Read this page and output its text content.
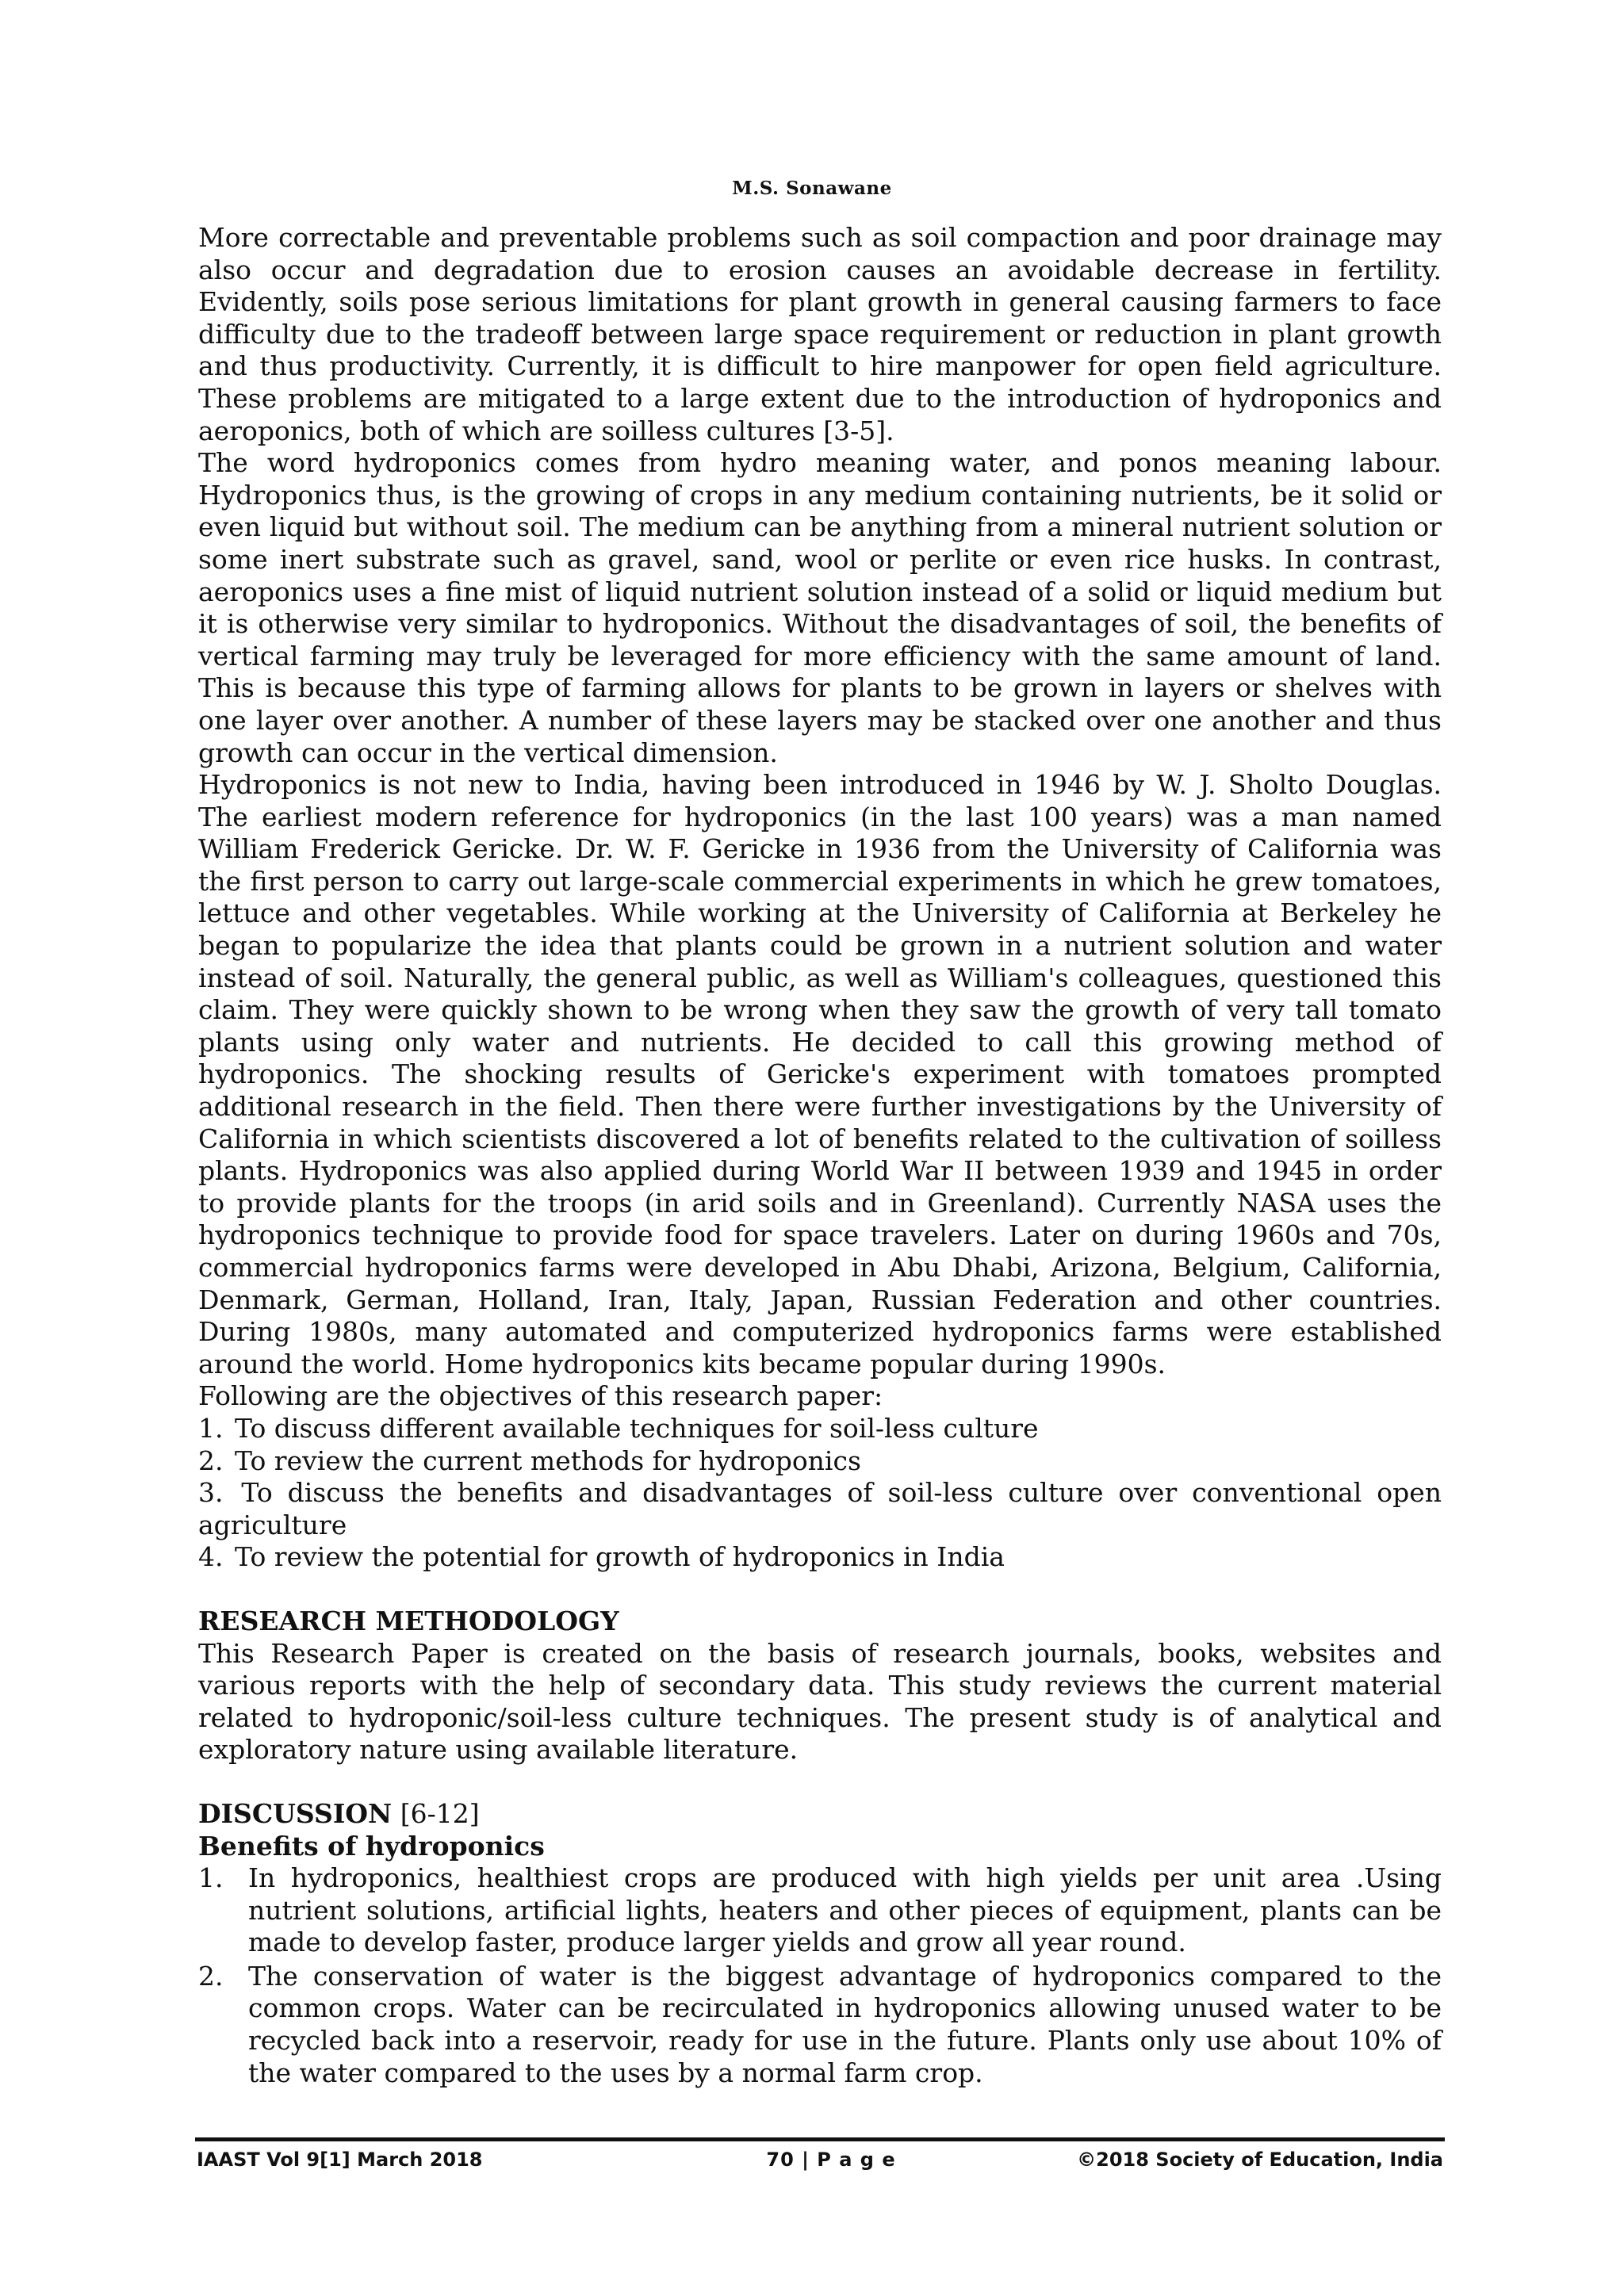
M.S. Sonawane

More correctable and preventable problems such as soil compaction and poor drainage may also occur and degradation due to erosion causes an avoidable decrease in fertility. Evidently, soils pose serious limitations for plant growth in general causing farmers to face difficulty due to the tradeoff between large space requirement or reduction in plant growth and thus productivity. Currently, it is difficult to hire manpower for open field agriculture. These problems are mitigated to a large extent due to the introduction of hydroponics and aeroponics, both of which are soilless cultures [3-5].

The word hydroponics comes from hydro meaning water, and ponos meaning labour. Hydroponics thus, is the growing of crops in any medium containing nutrients, be it solid or even liquid but without soil. The medium can be anything from a mineral nutrient solution or some inert substrate such as gravel, sand, wool or perlite or even rice husks. In contrast, aeroponics uses a fine mist of liquid nutrient solution instead of a solid or liquid medium but it is otherwise very similar to hydroponics. Without the disadvantages of soil, the benefits of vertical farming may truly be leveraged for more efficiency with the same amount of land. This is because this type of farming allows for plants to be grown in layers or shelves with one layer over another. A number of these layers may be stacked over one another and thus growth can occur in the vertical dimension.

Hydroponics is not new to India, having been introduced in 1946 by W. J. Sholto Douglas. The earliest modern reference for hydroponics (in the last 100 years) was a man named William Frederick Gericke. Dr. W. F. Gericke in 1936 from the University of California was the first person to carry out large-scale commercial experiments in which he grew tomatoes, lettuce and other vegetables. While working at the University of California at Berkeley he began to popularize the idea that plants could be grown in a nutrient solution and water instead of soil. Naturally, the general public, as well as William's colleagues, questioned this claim. They were quickly shown to be wrong when they saw the growth of very tall tomato plants using only water and nutrients. He decided to call this growing method of hydroponics. The shocking results of Gericke's experiment with tomatoes prompted additional research in the field. Then there were further investigations by the University of California in which scientists discovered a lot of benefits related to the cultivation of soilless plants. Hydroponics was also applied during World War II between 1939 and 1945 in order to provide plants for the troops (in arid soils and in Greenland). Currently NASA uses the hydroponics technique to provide food for space travelers. Later on during 1960s and 70s, commercial hydroponics farms were developed in Abu Dhabi, Arizona, Belgium, California, Denmark, German, Holland, Iran, Italy, Japan, Russian Federation and other countries. During 1980s, many automated and computerized hydroponics farms were established around the world. Home hydroponics kits became popular during 1990s.

Following are the objectives of this research paper:

1. To discuss different available techniques for soil-less culture
2. To review the current methods for hydroponics
3. To discuss the benefits and disadvantages of soil-less culture over conventional open agriculture
4. To review the potential for growth of hydroponics in India
RESEARCH METHODOLOGY

This Research Paper is created on the basis of research journals, books, websites and various reports with the help of secondary data. This study reviews the current material related to hydroponic/soil-less culture techniques. The present study is of analytical and exploratory nature using available literature.

DISCUSSION [6-12]
Benefits of hydroponics
1. In hydroponics, healthiest crops are produced with high yields per unit area .Using nutrient solutions, artificial lights, heaters and other pieces of equipment, plants can be made to develop faster, produce larger yields and grow all year round.
2. The conservation of water is the biggest advantage of hydroponics compared to the common crops. Water can be recirculated in hydroponics allowing unused water to be recycled back into a reservoir, ready for use in the future. Plants only use about 10% of the water compared to the uses by a normal farm crop.
IAAST Vol 9[1] March 2018	70 | P a g e	©2018 Society of Education, India
